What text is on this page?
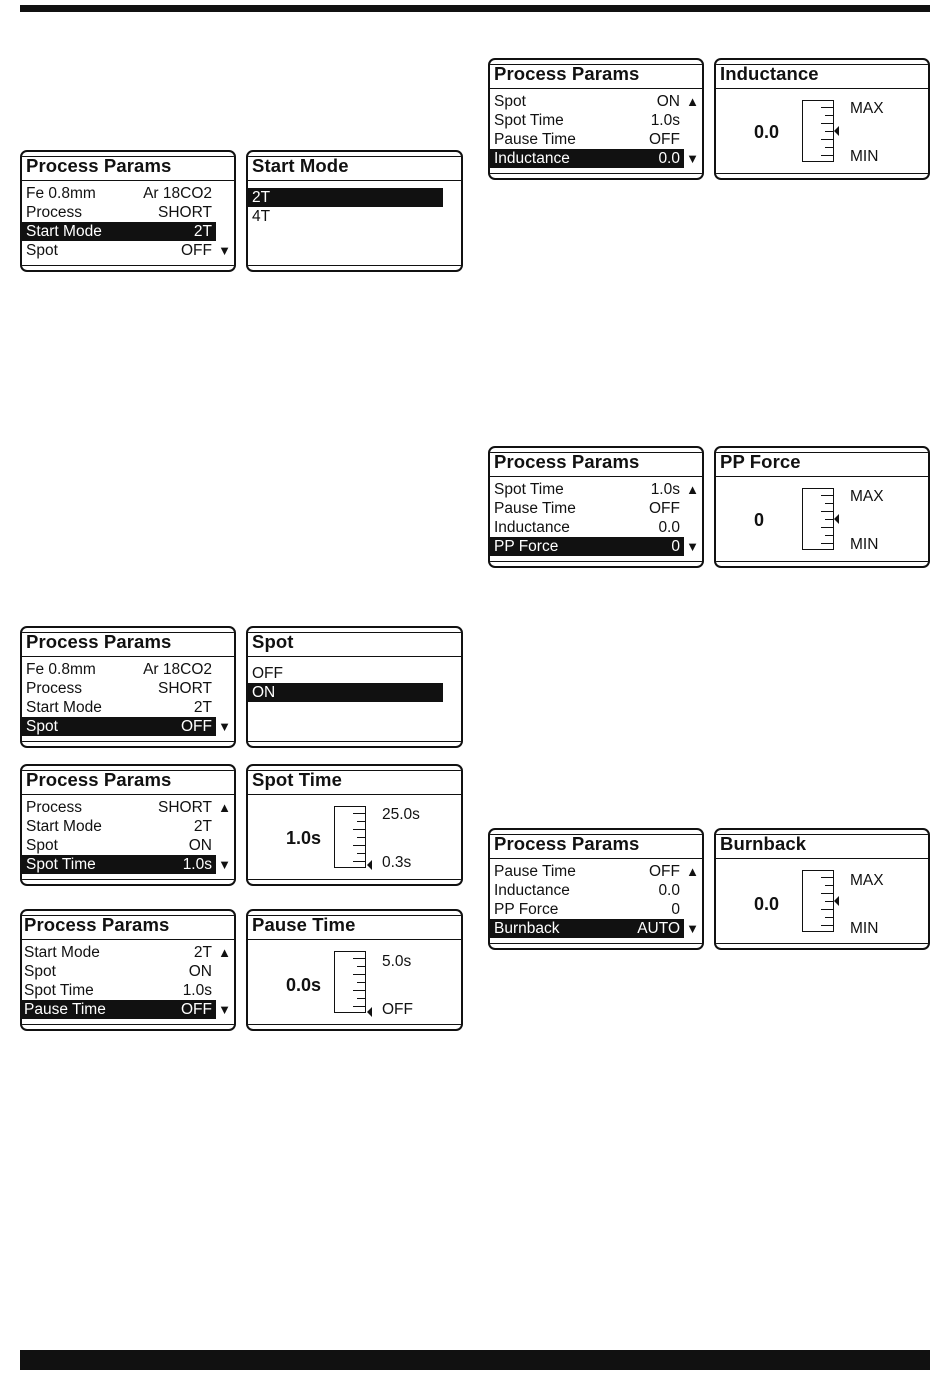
Process Params
Fe 0.8mm	Ar 18CO2
Process	SHORT
Start Mode	2T
Spot	OFF ▼
Start Mode
2T
4T
Process Params
Fe 0.8mm	Ar 18CO2
Process	SHORT
Start Mode	2T
Spot	OFF ▼
Spot
OFF
ON
Process Params
Process	SHORT ▲
Start Mode	2T
Spot	ON
Spot Time	1.0s ▼
Spot Time
1.0s
25.0s
0.3s
Process Params
Start Mode	2T ▲
Spot	ON
Spot Time	1.0s
Pause Time	OFF ▼
Pause Time
0.0s
5.0s
OFF
Process Params
Spot	ON ▲
Spot Time	1.0s
Pause Time	OFF
Inductance	0.0 ▼
Inductance
0.0
MAX
MIN
Process Params
Spot Time	1.0s ▲
Pause Time	OFF
Inductance	0.0
PP Force	0 ▼
PP Force
0
MAX
MIN
Process Params
Pause Time	OFF ▲
Inductance	0.0
PP Force	0
Burnback	AUTO ▼
Burnback
0.0
MAX
MIN
